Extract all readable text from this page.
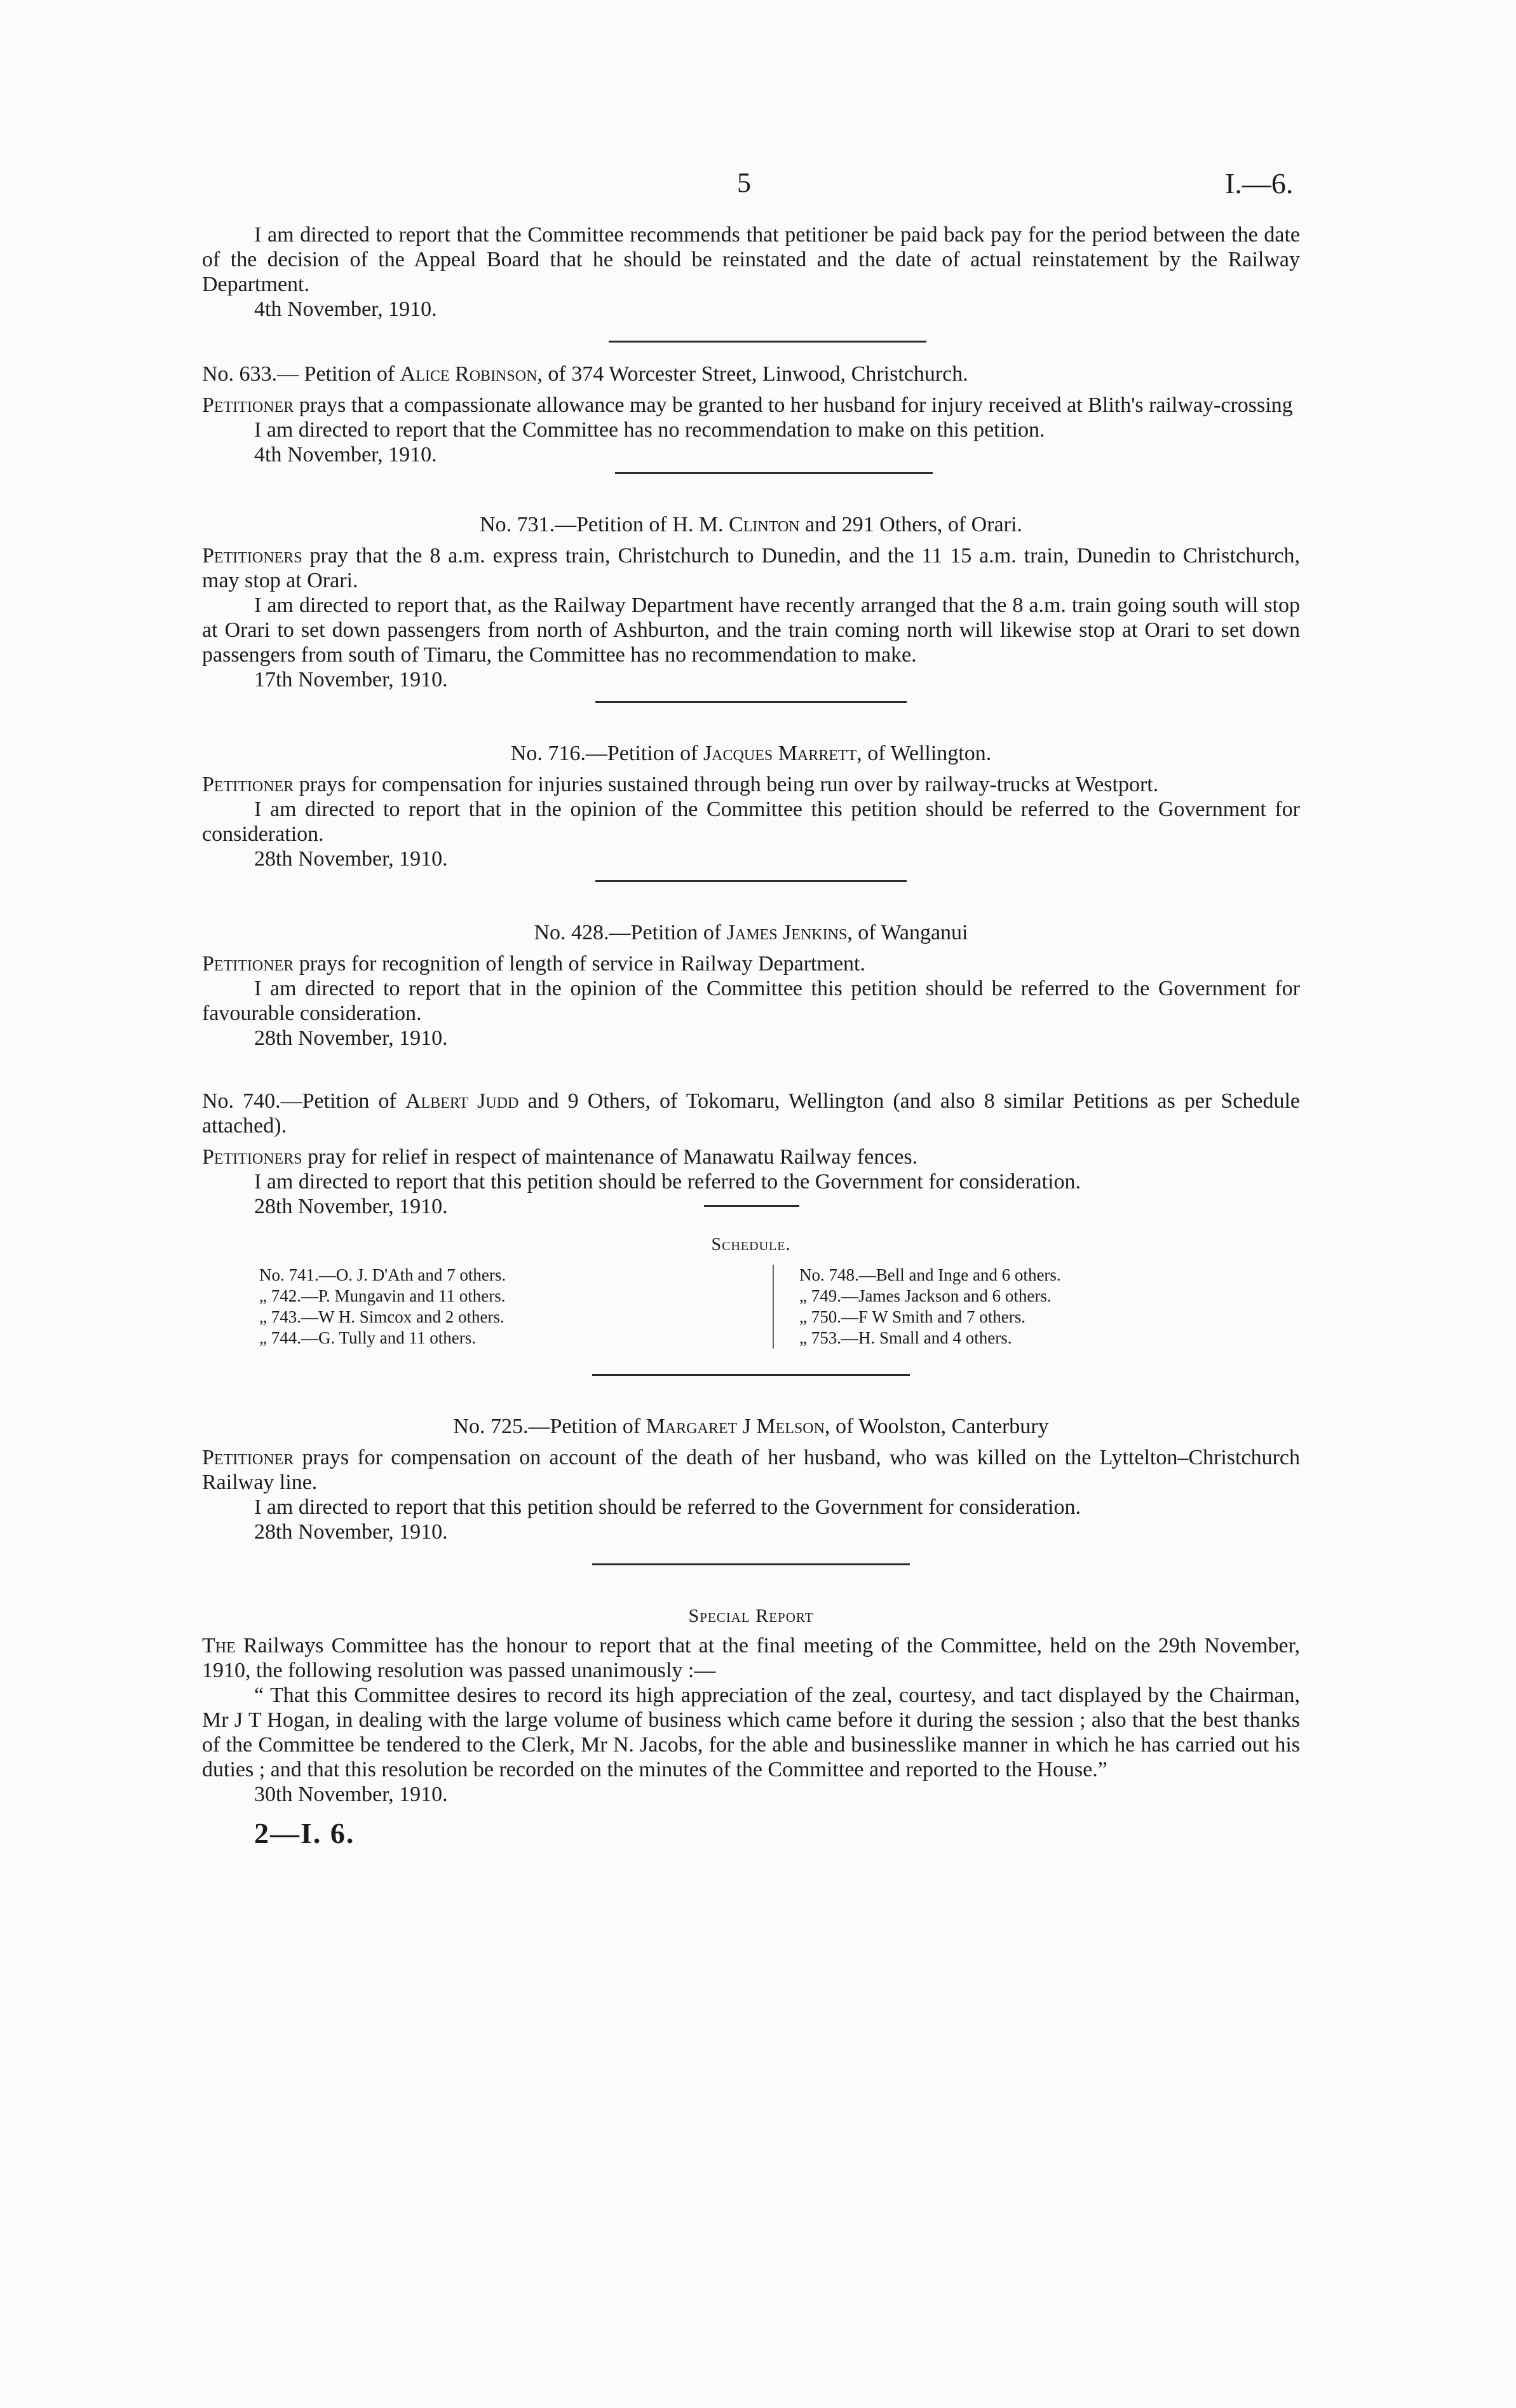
5	I.—6.

I am directed to report that the Committee recommends that petitioner be paid back pay for the period between the date of the decision of the Appeal Board that he should be reinstated and the date of actual reinstatement by the Railway Department.

4th November, 1910.

No. 633.— Petition of Alice Robinson, of 374 Worcester Street, Linwood, Christchurch.

Petitioner prays that a compassionate allowance may be granted to her husband for injury received at Blith's railway-crossing

I am directed to report that the Committee has no recommendation to make on this petition.

4th November, 1910.

No. 731.—Petition of H. M. Clinton and 291 Others, of Orari.

Petitioners pray that the 8 a.m. express train, Christchurch to Dunedin, and the 11 15 a.m. train, Dunedin to Christchurch, may stop at Orari.

I am directed to report that, as the Railway Department have recently arranged that the 8 a.m. train going south will stop at Orari to set down passengers from north of Ashburton, and the train coming north will likewise stop at Orari to set down passengers from south of Timaru, the Committee has no recommendation to make.

17th November, 1910.

No. 716.—Petition of Jacques Marrett, of Wellington.

Petitioner prays for compensation for injuries sustained through being run over by railway-trucks at Westport.

I am directed to report that in the opinion of the Committee this petition should be referred to the Government for consideration.

28th November, 1910.

No. 428.—Petition of James Jenkins, of Wanganui

Petitioner prays for recognition of length of service in Railway Department.

I am directed to report that in the opinion of the Committee this petition should be referred to the Government for favourable consideration.

28th November, 1910.

No. 740.—Petition of Albert Judd and 9 Others, of Tokomaru, Wellington (and also 8 similar Petitions as per Schedule attached).

Petitioners pray for relief in respect of maintenance of Manawatu Railway fences.

I am directed to report that this petition should be referred to the Government for consideration.

28th November, 1910.

Schedule.
No. 741.—O. J. D'Ath and 7 others.
„ 742.—P. Mungavin and 11 others.
„ 743.—W H. Simcox and 2 others.
„ 744.—G. Tully and 11 others.
No. 748.—Bell and Inge and 6 others.
„ 749.—James Jackson and 6 others.
„ 750.—F W Smith and 7 others.
„ 753.—H. Small and 4 others.

No. 725.—Petition of Margaret J Melson, of Woolston, Canterbury

Petitioner prays for compensation on account of the death of her husband, who was killed on the Lyttelton–Christchurch Railway line.

I am directed to report that this petition should be referred to the Government for consideration.

28th November, 1910.

Special Report

The Railways Committee has the honour to report that at the final meeting of the Committee, held on the 29th November, 1910, the following resolution was passed unanimously :—

“ That this Committee desires to record its high appreciation of the zeal, courtesy, and tact displayed by the Chairman, Mr J T Hogan, in dealing with the large volume of business which came before it during the session ; also that the best thanks of the Committee be tendered to the Clerk, Mr N. Jacobs, for the able and businesslike manner in which he has carried out his duties ; and that this resolution be recorded on the minutes of the Committee and reported to the House.”

30th November, 1910.

2—I. 6.
